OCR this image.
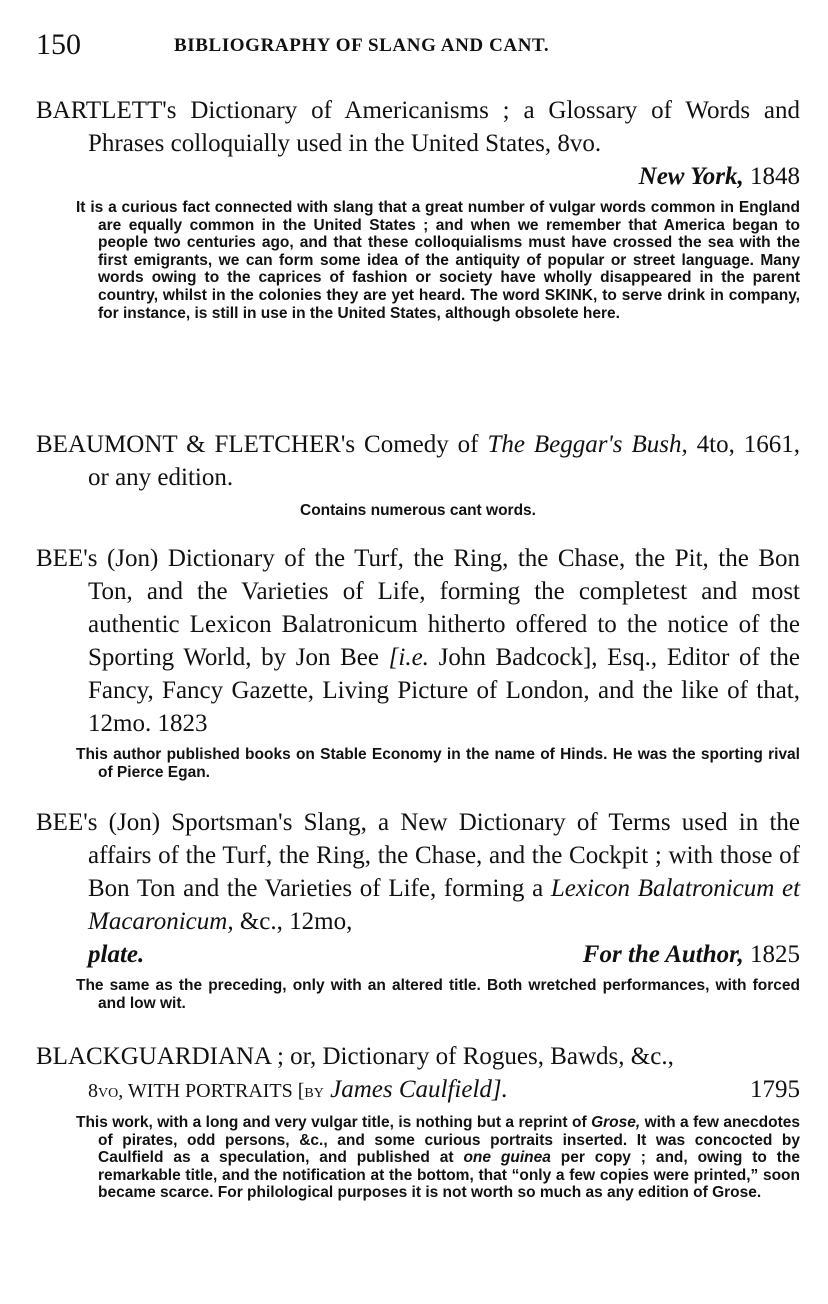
150	BIBLIOGRAPHY OF SLANG AND CANT.

BARTLETT's Dictionary of Americanisms ; a Glossary of Words and Phrases colloquially used in the United States, 8vo.

New York, 1848

It is a curious fact connected with slang that a great number of vulgar words common in England are equally common in the United States ; and when we remember that America began to people two centuries ago, and that these colloquialisms must have crossed the sea with the first emigrants, we can form some idea of the antiquity of popular or street language. Many words owing to the caprices of fashion or society have wholly disappeared in the parent country, whilst in the colonies they are yet heard. The word SKINK, to serve drink in company, for instance, is still in use in the United States, although obsolete here.

BEAUMONT & FLETCHER's Comedy of The Beggar's Bush, 4to, 1661, or any edition.

Contains numerous cant words.

BEE's (Jon) Dictionary of the Turf, the Ring, the Chase, the Pit, the Bon Ton, and the Varieties of Life, forming the completest and most authentic Lexicon Balatronicum hitherto offered to the notice of the Sporting World, by Jon Bee [i.e. John Badcock], Esq., Editor of the Fancy, Fancy Gazette, Living Picture of London, and the like of that, 12mo. 1823

This author published books on Stable Economy in the name of Hinds. He was the sporting rival of Pierce Egan.

BEE's (Jon) Sportsman's Slang, a New Dictionary of Terms used in the affairs of the Turf, the Ring, the Chase, and the Cockpit ; with those of Bon Ton and the Varieties of Life, forming a Lexicon Balatronicum et Macaronicum, &c., 12mo,

plate.	For the Author, 1825

The same as the preceding, only with an altered title. Both wretched performances, with forced and low wit.

BLACKGUARDIANA ; or, Dictionary of Rogues, Bawds, &c.,

8vo, WITH PORTRAITS [by James Caulfield].	1795

This work, with a long and very vulgar title, is nothing but a reprint of Grose, with a few anecdotes of pirates, odd persons, &c., and some curious portraits inserted. It was concocted by Caulfield as a speculation, and published at one guinea per copy ; and, owing to the remarkable title, and the notification at the bottom, that “only a few copies were printed,” soon became scarce. For philological purposes it is not worth so much as any edition of Grose.
